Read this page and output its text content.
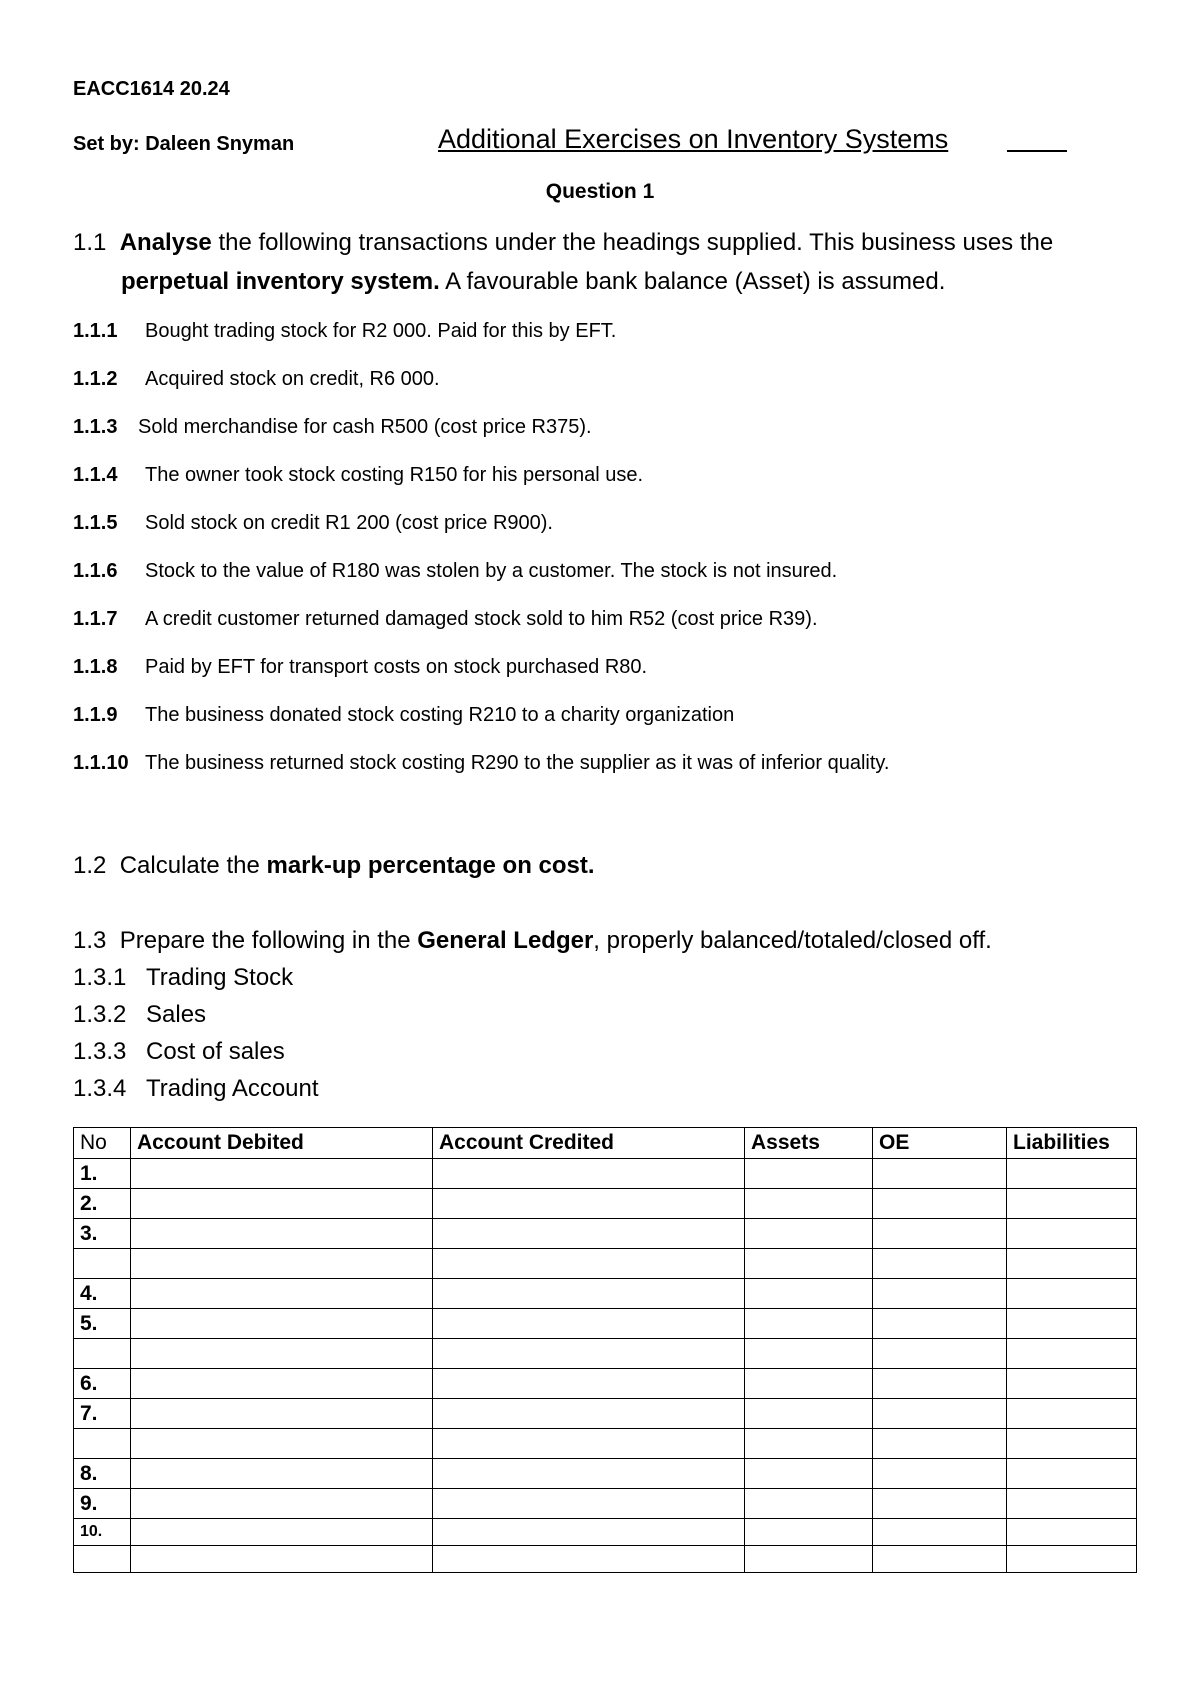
EACC1614 20.24
Set by: Daleen Snyman	Additional Exercises on Inventory Systems
Question 1
1.1 Analyse the following transactions under the headings supplied. This business uses the
perpetual inventory system. A favourable bank balance (Asset) is assumed.
1.1.1 Bought trading stock for R2 000. Paid for this by EFT.
1.1.2 Acquired stock on credit, R6 000.
1.1.3 Sold merchandise for cash R500 (cost price R375).
1.1.4 The owner took stock costing R150 for his personal use.
1.1.5 Sold stock on credit R1 200 (cost price R900).
1.1.6 Stock to the value of R180 was stolen by a customer. The stock is not insured.
1.1.7 A credit customer returned damaged stock sold to him R52 (cost price R39).
1.1.8 Paid by EFT for transport costs on stock purchased R80.
1.1.9 The business donated stock costing R210 to a charity organization
1.1.10 The business returned stock costing R290 to the supplier as it was of inferior quality.
1.2 Calculate the mark-up percentage on cost.
1.3 Prepare the following in the General Ledger, properly balanced/totaled/closed off.
1.3.1 Trading Stock
1.3.2 Sales
1.3.3 Cost of sales
1.3.4 Trading Account
No	Account Debited	Account Credited	Assets	OE	Liabilities
1.					
2.					
3.					

4.					
5.					

6.					
7.					

8.					
9.					
10.					
